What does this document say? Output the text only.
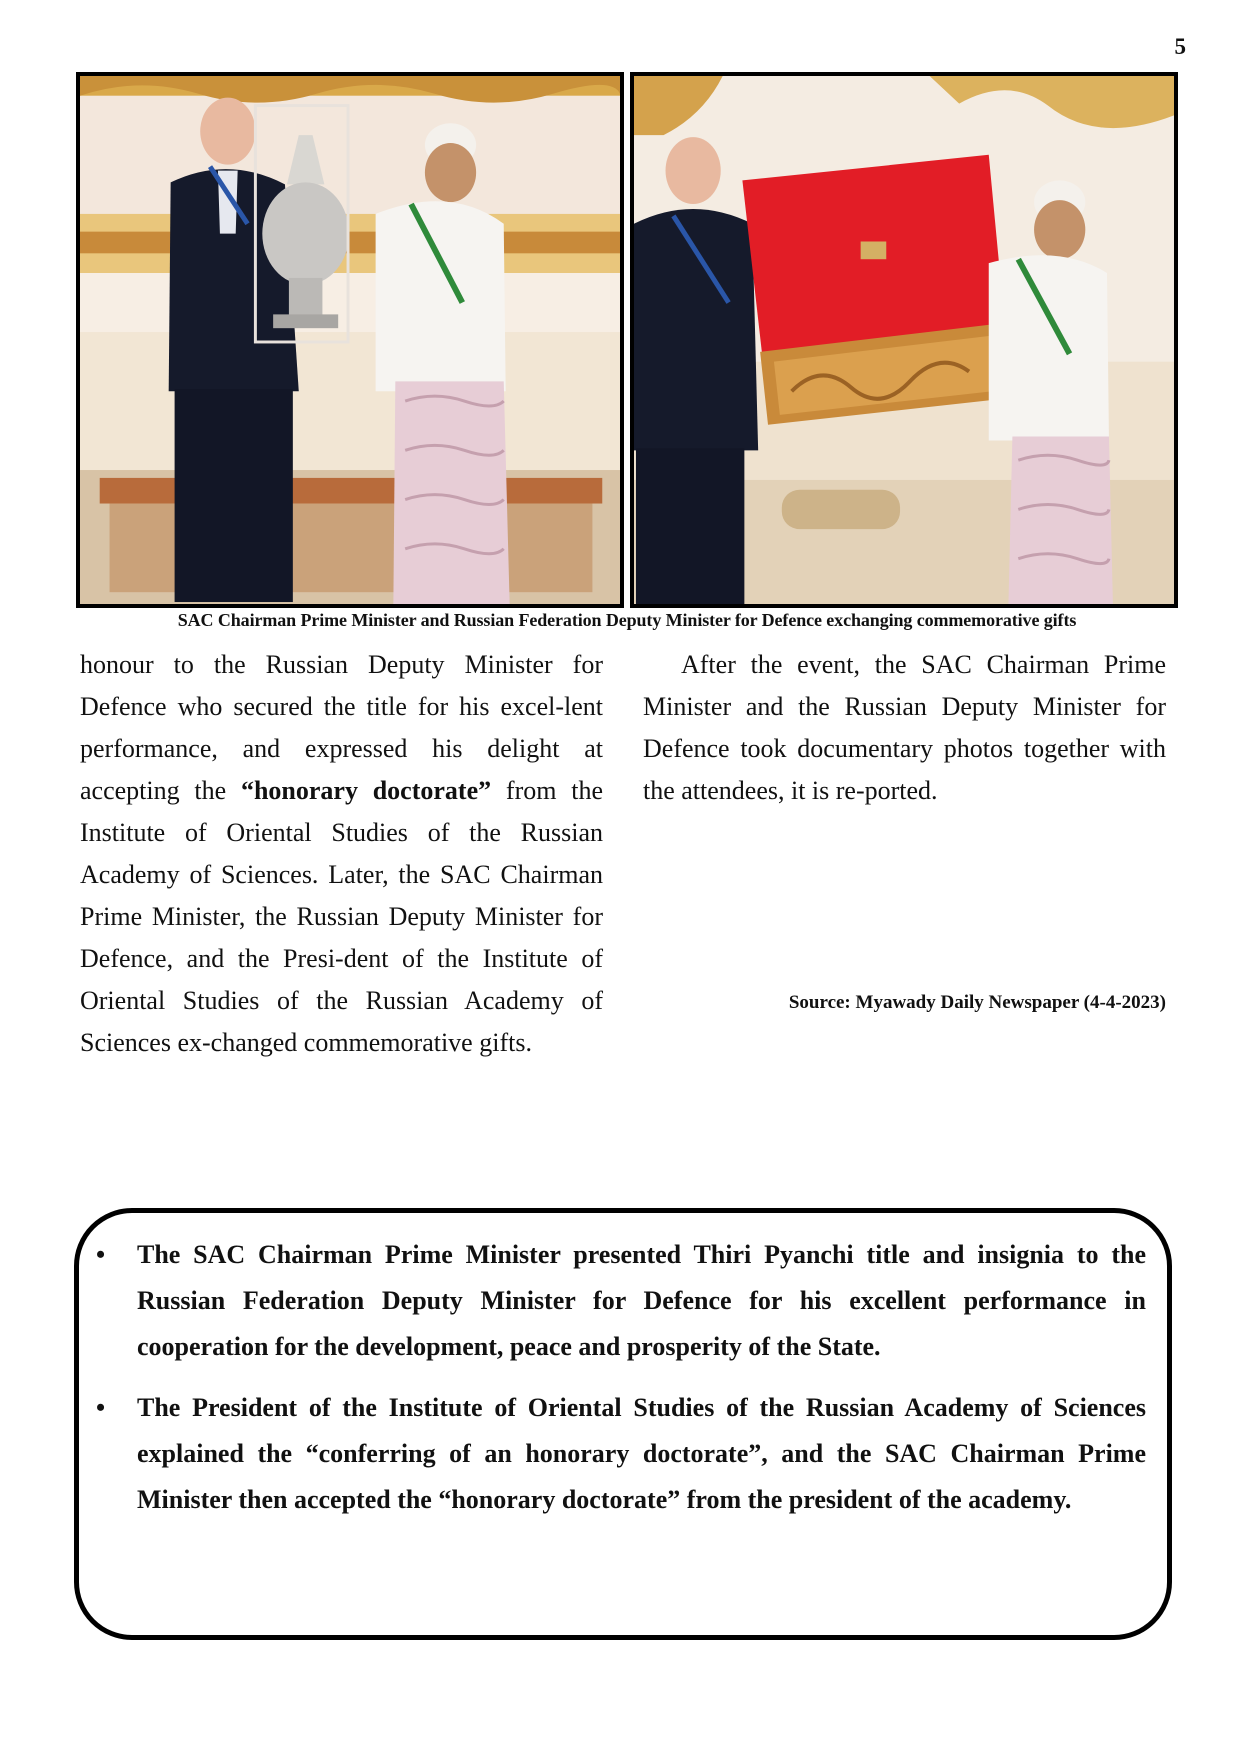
5
SAC Chairman Prime Minister and Russian Federation Deputy Minister for Defence exchanging commemorative gifts
honour to the Russian Deputy Minister for Defence who secured the title for his excel-lent performance, and expressed his delight at accepting the “honorary doctorate” from the Institute of Oriental Studies of the Russian Academy of Sciences. Later, the SAC Chairman Prime Minister, the Russian Deputy Minister for Defence, and the Presi-dent of the Institute of Oriental Studies of the Russian Academy of Sciences ex-changed commemorative gifts.
After the event, the SAC Chairman Prime Minister and the Russian Deputy Minister for Defence took documentary photos together with the attendees, it is re-ported.
Source: Myawady Daily Newspaper (4-4-2023)
•	The SAC Chairman Prime Minister presented Thiri Pyanchi title and insignia to the Russian Federation Deputy Minister for Defence for his excellent performance in cooperation for the development, peace and prosperity of the State.
•	The President of the Institute of Oriental Studies of the Russian Academy of Sciences explained the “conferring of an honorary doctorate”, and the SAC Chairman Prime Minister then accepted the “honorary doctorate” from the president of the academy.
